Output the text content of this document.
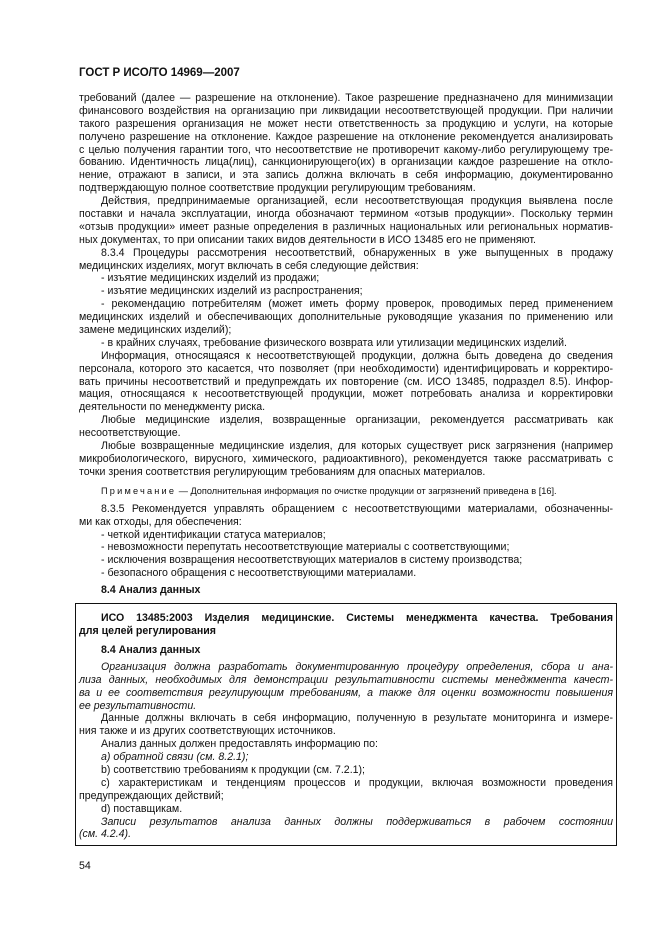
ГОСТ Р ИСО/ТО 14969—2007
требований (далее — разрешение на отклонение). Такое разрешение предназначено для минимизации
финансового воздействия на организацию при ликвидации несоответствующей продукции. При наличии
такого разрешения организация не может нести ответственность за продукцию и услуги, на которые
получено разрешение на отклонение. Каждое разрешение на отклонение рекомендуется анализировать
с целью получения гарантии того, что несоответствие не противоречит какому-либо регулирующему тре-
бованию. Идентичность лица(лиц), санкционирующего(их) в организации каждое разрешение на откло-
нение, отражают в записи, и эта запись должна включать в себя информацию, документированно
подтверждающую полное соответствие продукции регулирующим требованиям.
Действия, предпринимаемые организацией, если несоответствующая продукция выявлена после
поставки и начала эксплуатации, иногда обозначают термином «отзыв продукции». Поскольку термин
«отзыв продукции» имеет разные определения в различных национальных или региональных норматив-
ных документах, то при описании таких видов деятельности в ИСО 13485 его не применяют.
8.3.4 Процедуры рассмотрения несоответствий, обнаруженных в уже выпущенных в продажу
медицинских изделиях, могут включать в себя следующие действия:
- изъятие медицинских изделий из продажи;
- изъятие медицинских изделий из распространения;
- рекомендацию потребителям (может иметь форму проверок, проводимых перед применением
медицинских изделий и обеспечивающих дополнительные руководящие указания по применению или
замене медицинских изделий);
- в крайних случаях, требование физического возврата или утилизации медицинских изделий.
Информация, относящаяся к несоответствующей продукции, должна быть доведена до сведения
персонала, которого это касается, что позволяет (при необходимости) идентифицировать и корректиро-
вать причины несоответствий и предупреждать их повторение (см. ИСО 13485, подраздел 8.5). Инфор-
мация, относящаяся к несоответствующей продукции, может потребовать анализа и корректировки
деятельности по менеджменту риска.
Любые медицинские изделия, возвращенные организации, рекомендуется рассматривать как
несоответствующие.
Любые возвращенные медицинские изделия, для которых существует риск загрязнения (например
микробиологического, вирусного, химического, радиоактивного), рекомендуется также рассматривать с
точки зрения соответствия регулирующим требованиям для опасных материалов.
Примечание — Дополнительная информация по очистке продукции от загрязнений приведена в [16].
8.3.5 Рекомендуется управлять обращением с несоответствующими материалами, обозначенны-
ми как отходы, для обеспечения:
- четкой идентификации статуса материалов;
- невозможности перепутать несоответствующие материалы с соответствующими;
- исключения возвращения несоответствующих материалов в систему производства;
- безопасного обращения с несоответствующими материалами.
8.4 Анализ данных
ИСО 13485:2003 Изделия медицинские. Системы менеджмента качества. Требования
для целей регулирования
8.4 Анализ данных
Организация должна разработать документированную процедуру определения, сбора и ана-
лиза данных, необходимых для демонстрации результативности системы менеджмента качест-
ва и ее соответствия регулирующим требованиям, а также для оценки возможности повышения
ее результативности.
Данные должны включать в себя информацию, полученную в результате мониторинга и измере-
ния также и из других соответствующих источников.
Анализ данных должен предоставлять информацию по:
a) обратной связи (см. 8.2.1);
b) соответствию требованиям к продукции (см. 7.2.1);
c) характеристикам и тенденциям процессов и продукции, включая возможности проведения
предупреждающих действий;
d) поставщикам.
Записи результатов анализа данных должны поддерживаться в рабочем состоянии
(см. 4.2.4).
54
